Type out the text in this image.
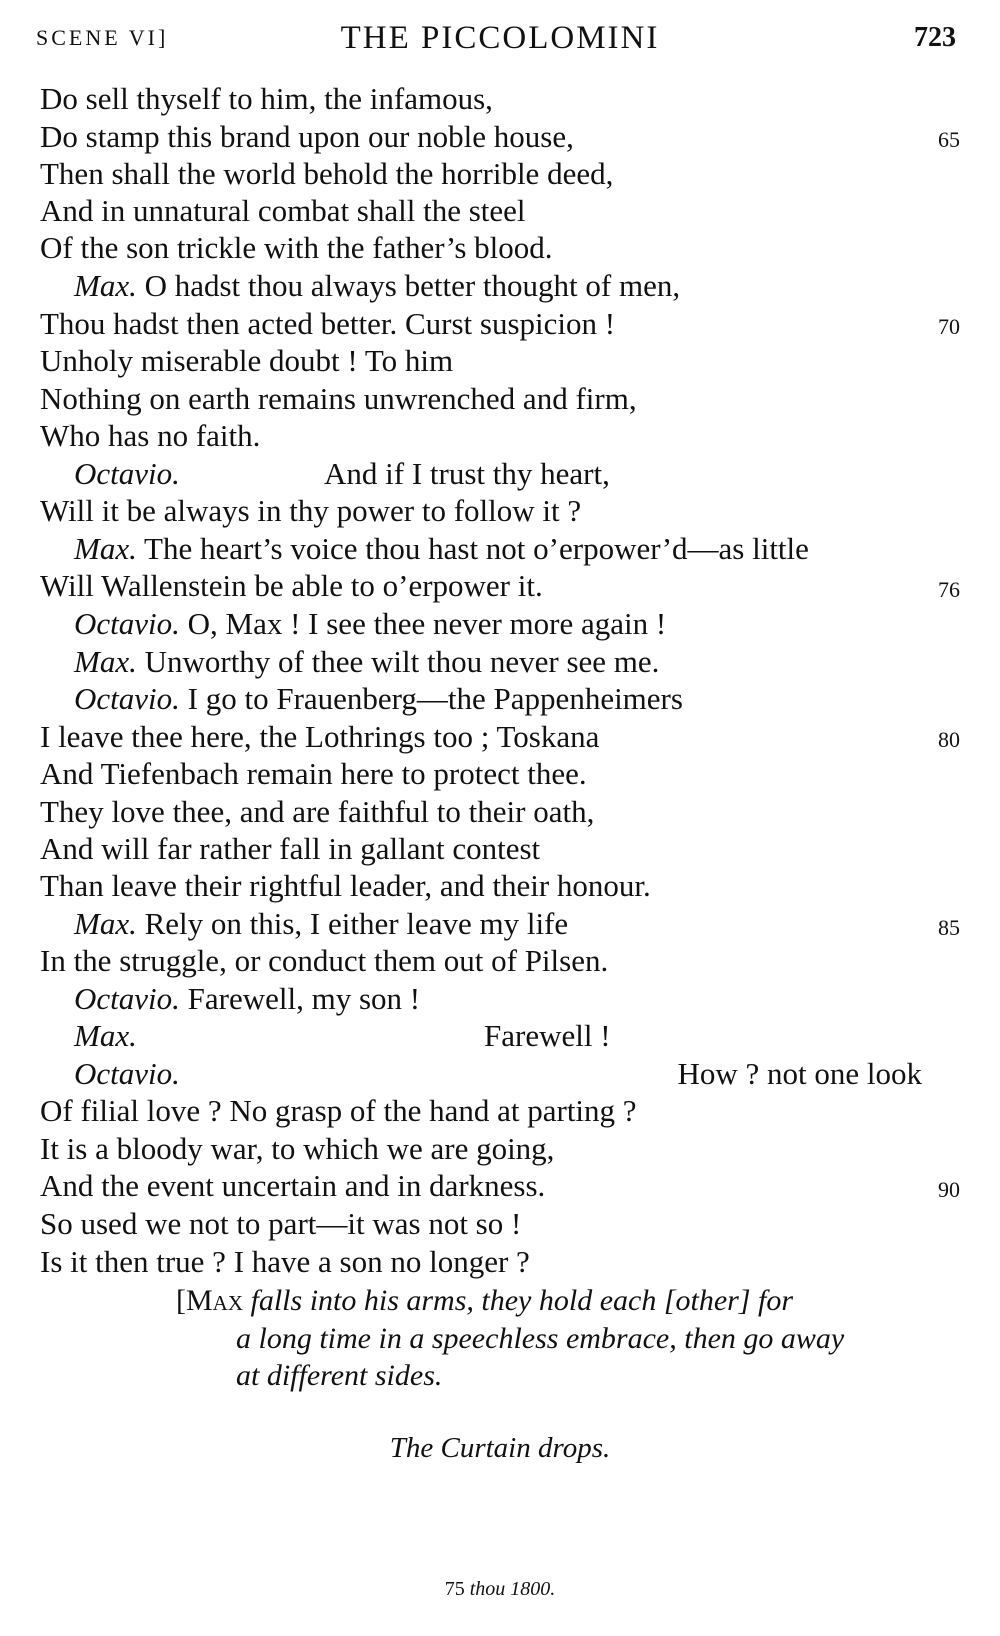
SCENE VI]	THE PICCOLOMINI	723
Do sell thyself to him, the infamous,
Do stamp this brand upon our noble house,	65
Then shall the world behold the horrible deed,
And in unnatural combat shall the steel
Of the son trickle with the father’s blood.
Max. O hadst thou always better thought of men,
Thou hadst then acted better. Curst suspicion !	70
Unholy miserable doubt ! To him
Nothing on earth remains unwrenched and firm,
Who has no faith.
Octavio.	And if I trust thy heart,
Will it be always in thy power to follow it ?
Max. The heart’s voice thou hast not o’erpower’d—as little
Will Wallenstein be able to o’erpower it.	76
Octavio. O, Max ! I see thee never more again !
Max. Unworthy of thee wilt thou never see me.
Octavio. I go to Frauenberg—the Pappenheimers
I leave thee here, the Lothrings too ; Toskana	80
And Tiefenbach remain here to protect thee.
They love thee, and are faithful to their oath,
And will far rather fall in gallant contest
Than leave their rightful leader, and their honour.
Max. Rely on this, I either leave my life	85
In the struggle, or conduct them out of Pilsen.
Octavio. Farewell, my son !
Max.	Farewell !
Octavio.	How ? not one look
Of filial love ? No grasp of the hand at parting ?
It is a bloody war, to which we are going,
And the event uncertain and in darkness.	90
So used we not to part—it was not so !
Is it then true ? I have a son no longer ?
[Max falls into his arms, they hold each [other] for
a long time in a speechless embrace, then go away
at different sides.
The Curtain drops.
75 thou 1800.
